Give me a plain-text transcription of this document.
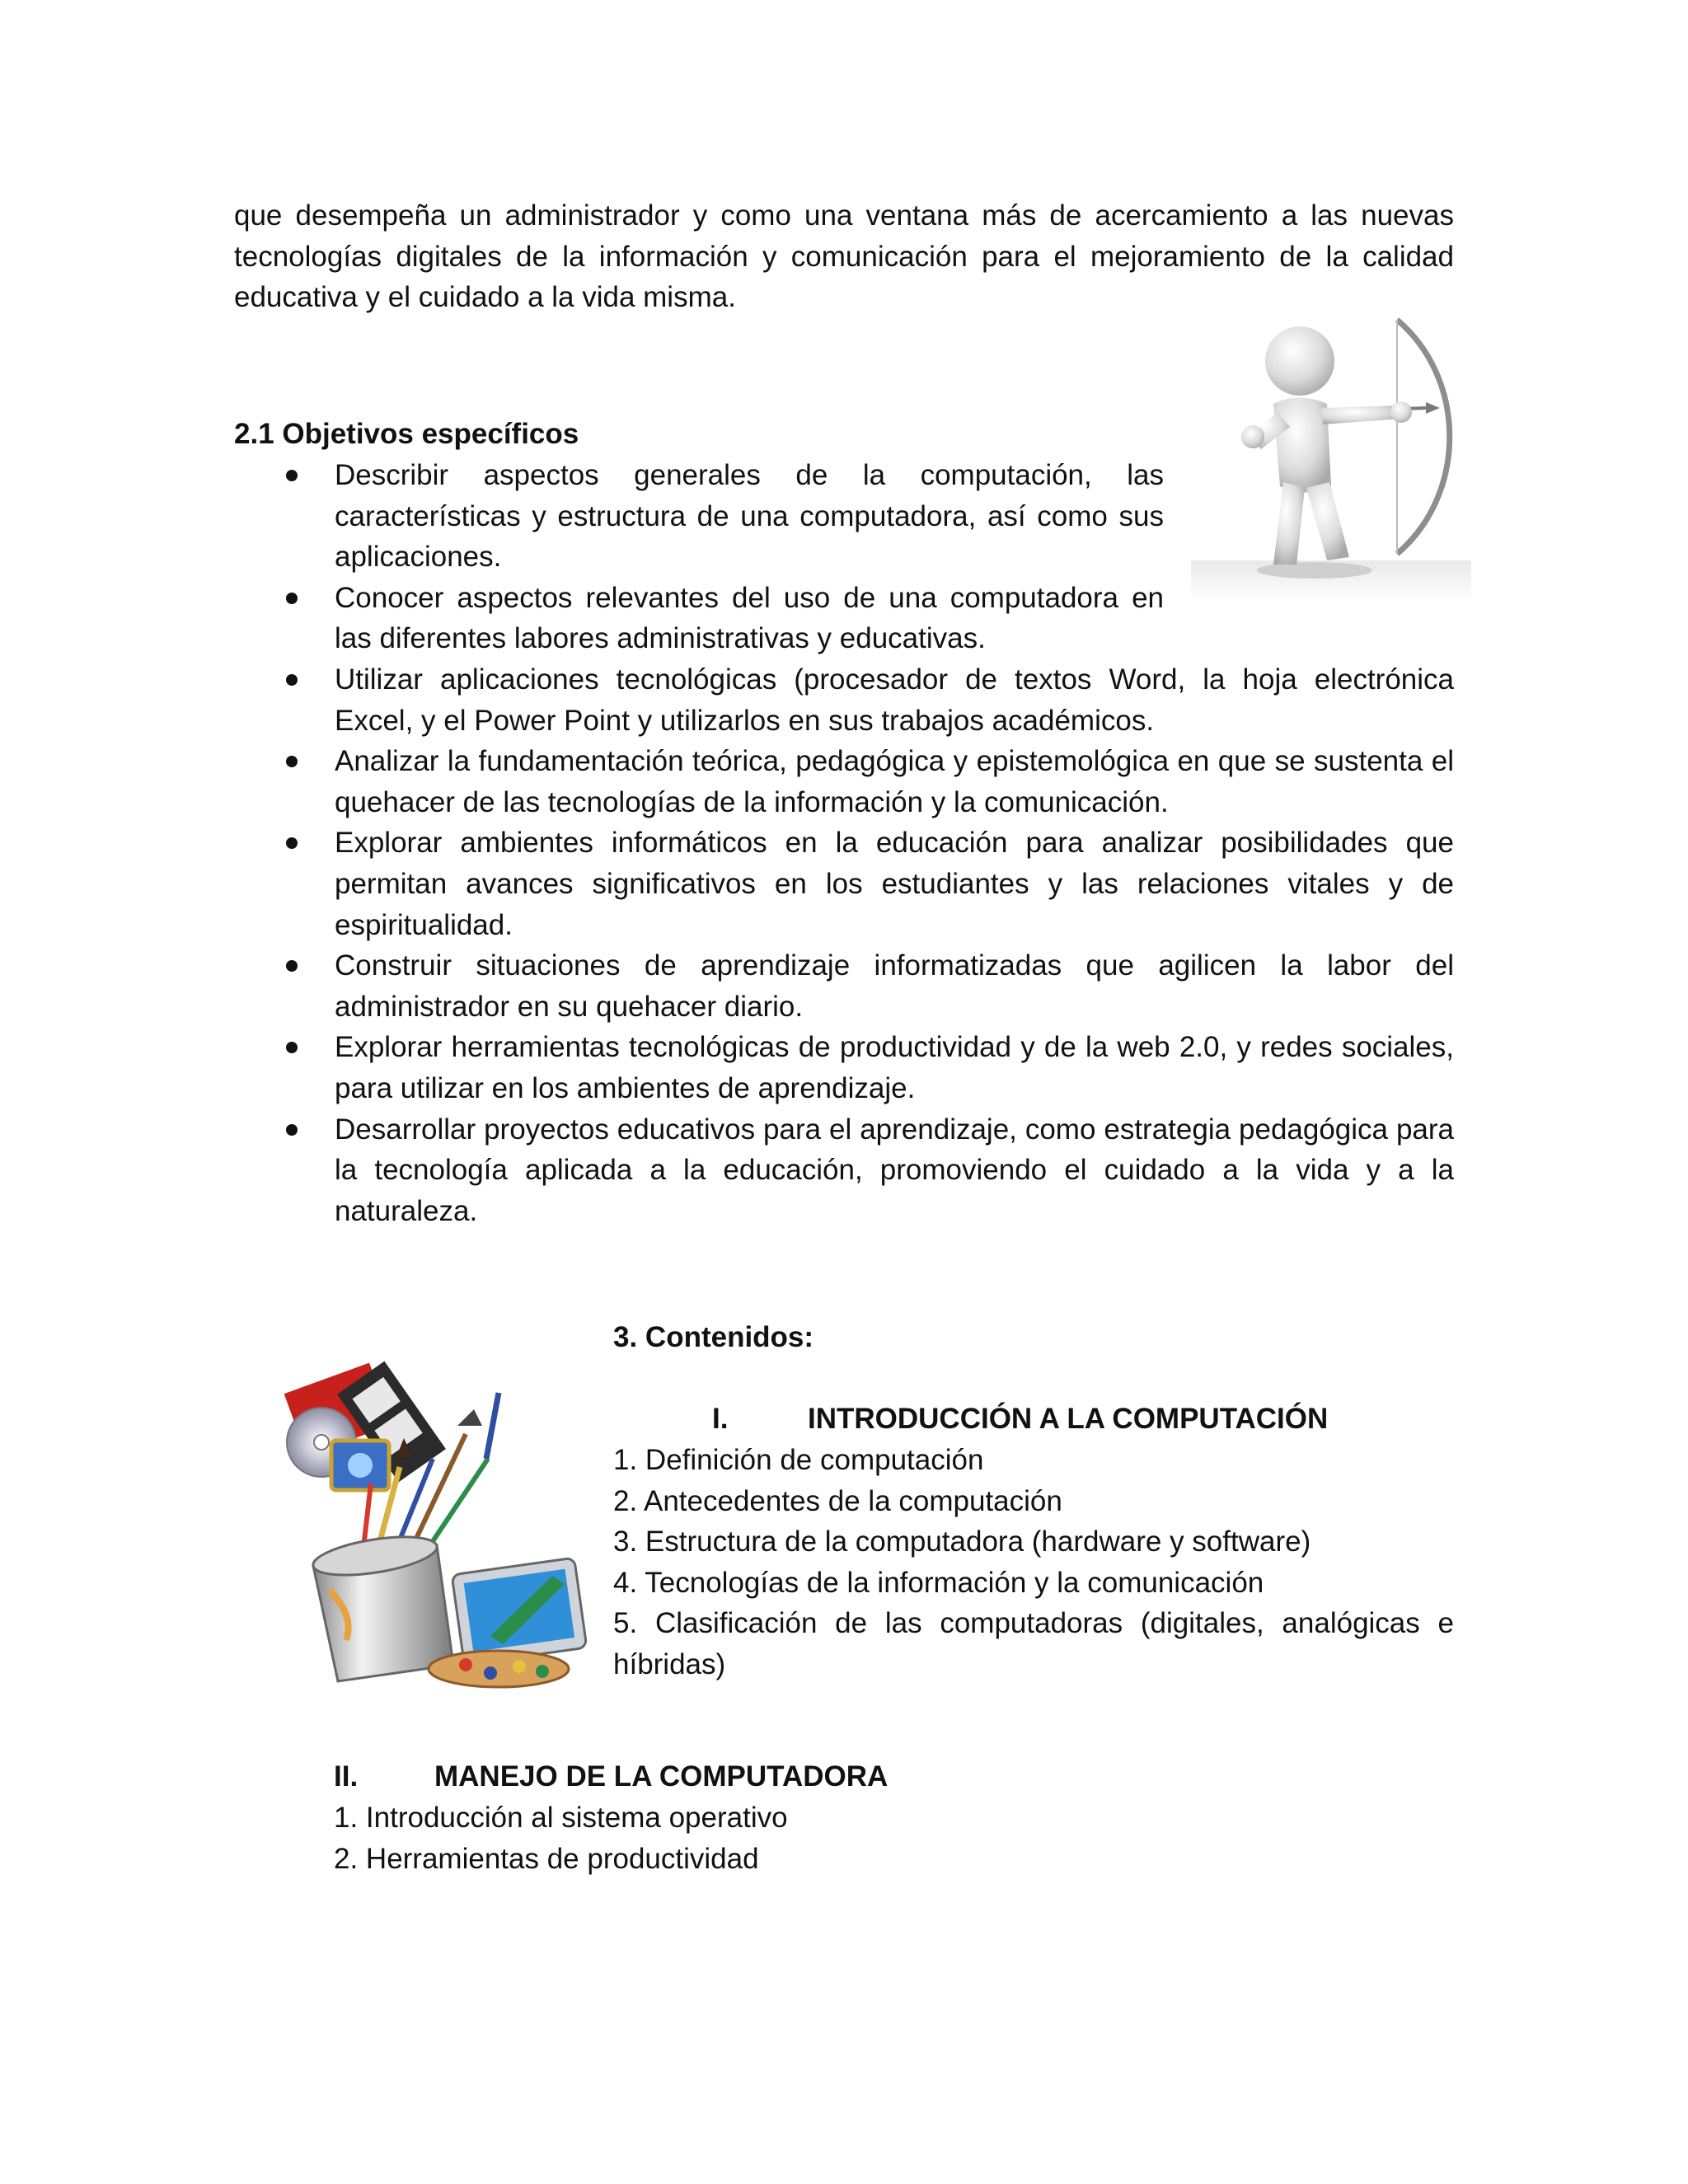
que desempeña un administrador y como una ventana más de acercamiento a las nuevas
tecnologías digitales de la información y comunicación para el mejoramiento de la calidad
educativa y el cuidado a la vida misma.
2.1 Objetivos específicos
Describir aspectos generales de la computación, las características y estructura de una computadora, así como sus aplicaciones.
Conocer aspectos relevantes del uso de una computadora en las diferentes labores administrativas y educativas.
Utilizar aplicaciones tecnológicas (procesador de textos Word, la hoja electrónica Excel, y el Power Point y utilizarlos en sus trabajos académicos.
Analizar la fundamentación teórica, pedagógica y epistemológica en que se sustenta el quehacer de las tecnologías de la información y la comunicación.
Explorar ambientes informáticos en la educación para analizar posibilidades que permitan avances significativos en los estudiantes y las relaciones vitales y de espiritualidad.
Construir situaciones de aprendizaje informatizadas que agilicen la labor del administrador en su quehacer diario.
Explorar herramientas tecnológicas de productividad y de la web 2.0, y redes sociales, para utilizar en los ambientes de aprendizaje.
Desarrollar proyectos educativos para el aprendizaje, como estrategia pedagógica para la tecnología aplicada a la educación, promoviendo el cuidado a la vida y a la naturaleza.
3. Contenidos:
I.	INTRODUCCIÓN A LA COMPUTACIÓN
1. Definición de computación
2. Antecedentes de la computación
3. Estructura de la computadora (hardware y software)
4. Tecnologías de la información y la comunicación
5. Clasificación de las computadoras (digitales, analógicas e híbridas)
II.	MANEJO DE LA COMPUTADORA
1. Introducción al sistema operativo
2. Herramientas de productividad
